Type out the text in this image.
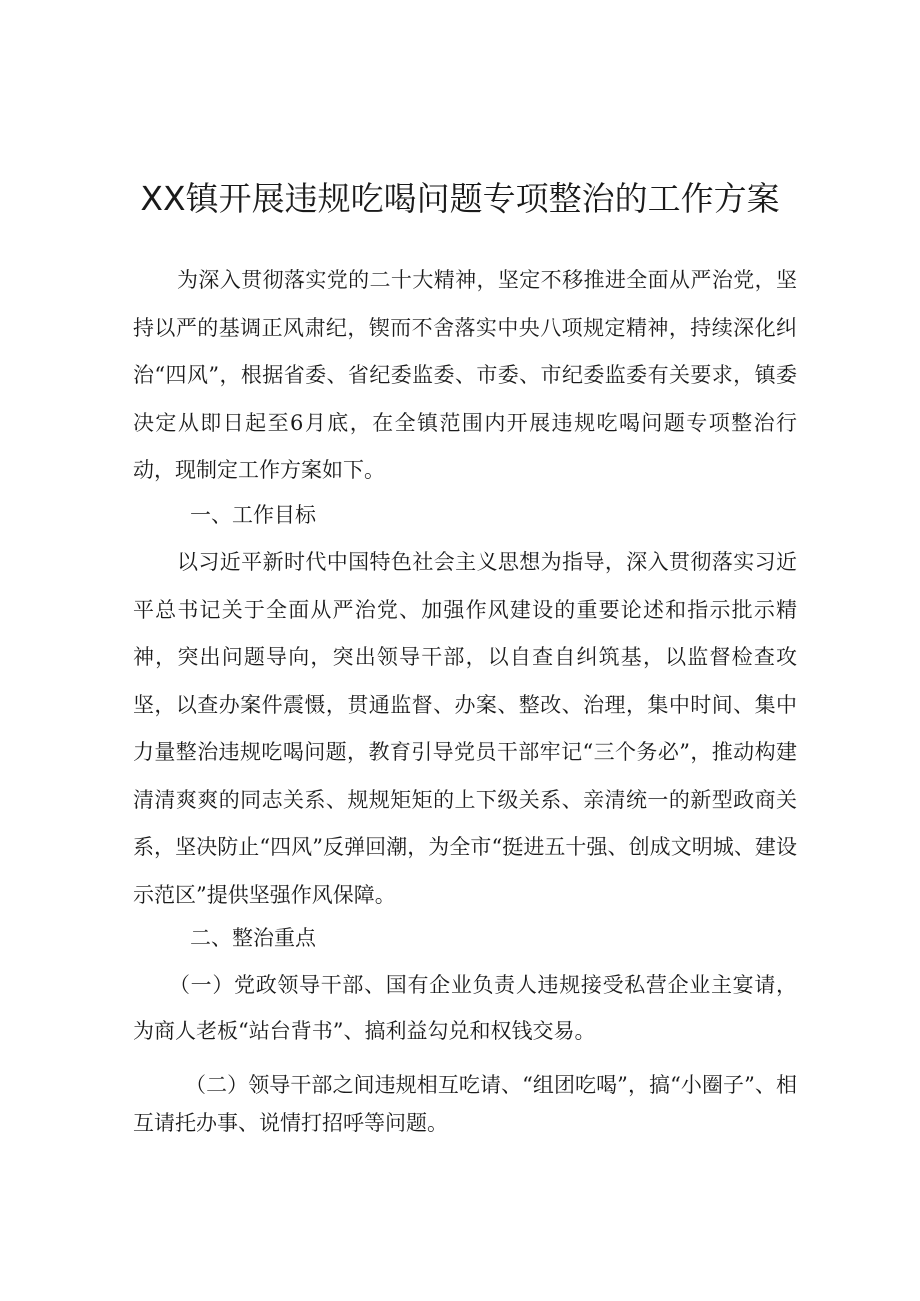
XX镇开展违规吃喝问题专项整治的工作方案

为深入贯彻落实党的二十大精神，坚定不移推进全面从严治党，坚持以严的基调正风肃纪，锲而不舍落实中央八项规定精神，持续深化纠治“四风”，根据省委、省纪委监委、市委、市纪委监委有关要求，镇委决定从即日起至6月底，在全镇范围内开展违规吃喝问题专项整治行动，现制定工作方案如下。

一、工作目标

以习近平新时代中国特色社会主义思想为指导，深入贯彻落实习近平总书记关于全面从严治党、加强作风建设的重要论述和指示批示精神，突出问题导向，突出领导干部，以自查自纠筑基，以监督检查攻坚，以查办案件震慑，贯通监督、办案、整改、治理，集中时间、集中力量整治违规吃喝问题，教育引导党员干部牢记“三个务必”，推动构建清清爽爽的同志关系、规规矩矩的上下级关系、亲清统一的新型政商关系，坚决防止“四风”反弹回潮，为全市“挺进五十强、创成文明城、建设示范区”提供坚强作风保障。

二、整治重点

（一）党政领导干部、国有企业负责人违规接受私营企业主宴请，为商人老板“站台背书”、搞利益勾兑和权钱交易。

（二）领导干部之间违规相互吃请、“组团吃喝”，搞“小圈子”、相互请托办事、说情打招呼等问题。
